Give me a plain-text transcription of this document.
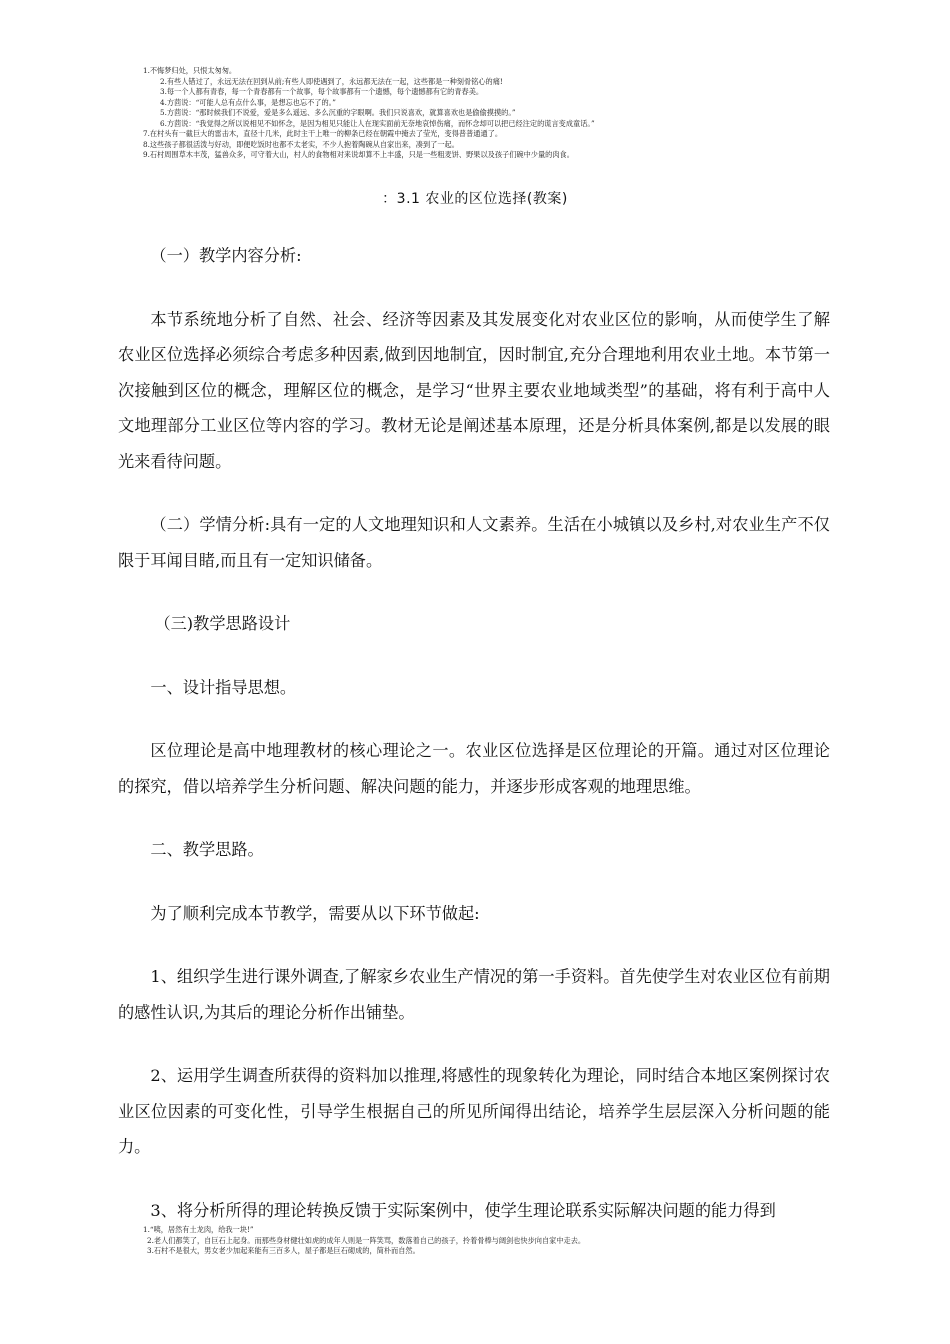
1.不悔梦归处，只恨太匆匆。
2.有些人错过了，永远无法在回到从前;有些人即使遇到了，永远都无法在一起，这些都是一种刻骨铭心的痛!
3.每一个人都有青春，每一个青春都有一个故事，每个故事都有一个遗憾，每个遗憾都有它的青春美。
4.方茴说：“可能人总有点什么事，是想忘也忘不了的。”
5.方茴说：“那时候我们不说爱，爱是多么遥远、多么沉重的字眼啊。我们只说喜欢，就算喜欢也是偷偷摸摸的。”
6.方茴说：“我觉得之所以说相见不如怀念，是因为相见只能让人在现实面前无奈地哀悼伤痛，而怀念却可以把已经注定的谎言变成童话。”
7.在村头有一截巨大的雷击木，直径十几米，此时主干上唯一的柳条已经在朝霞中掩去了莹光，变得普普通通了。
8.这些孩子都很活泼与好动，即便吃饭时也都不太老实，不少人抱着陶碗从自家出来，凑到了一起。
9.石村周围草木丰茂，猛兽众多，可守着大山，村人的食物相对来说却算不上丰盛，只是一些粗麦饼、野果以及孩子们碗中少量的肉食。
：3.1 农业的区位选择(教案)

（一）教学内容分析:

本节系统地分析了自然、社会、经济等因素及其发展变化对农业区位的影响，从而使学生了解农业区位选择必须综合考虑多种因素,做到因地制宜，因时制宜,充分合理地利用农业土地。本节第一次接触到区位的概念，理解区位的概念，是学习“世界主要农业地域类型”的基础，将有利于高中人文地理部分工业区位等内容的学习。教材无论是阐述基本原理，还是分析具体案例,都是以发展的眼光来看待问题。

（二）学情分析:具有一定的人文地理知识和人文素养。生活在小城镇以及乡村,对农业生产不仅限于耳闻目睹,而且有一定知识储备。

（三)教学思路设计

一、设计指导思想。

区位理论是高中地理教材的核心理论之一。农业区位选择是区位理论的开篇。通过对区位理论的探究，借以培养学生分析问题、解决问题的能力，并逐步形成客观的地理思维。

二、教学思路。

为了顺利完成本节教学，需要从以下环节做起:

1、组织学生进行课外调查,了解家乡农业生产情况的第一手资料。首先使学生对农业区位有前期的感性认识,为其后的理论分析作出铺垫。

2、运用学生调查所获得的资料加以推理,将感性的现象转化为理论，同时结合本地区案例探讨农业区位因素的可变化性，引导学生根据自己的所见所闻得出结论，培养学生层层深入分析问题的能力。

3、将分析所得的理论转换反馈于实际案例中，使学生理论联系实际解决问题的能力得到

1.“咦，居然有土龙肉，给我一块!”
2.老人们都笑了，自巨石上起身。而那些身材健壮如虎的成年人则是一阵笑骂，数落着自己的孩子，拎着骨棒与阔剑也快步向自家中走去。
3.石村不是很大，男女老少加起来能有三百多人，屋子都是巨石砌成的，简朴而自然。
